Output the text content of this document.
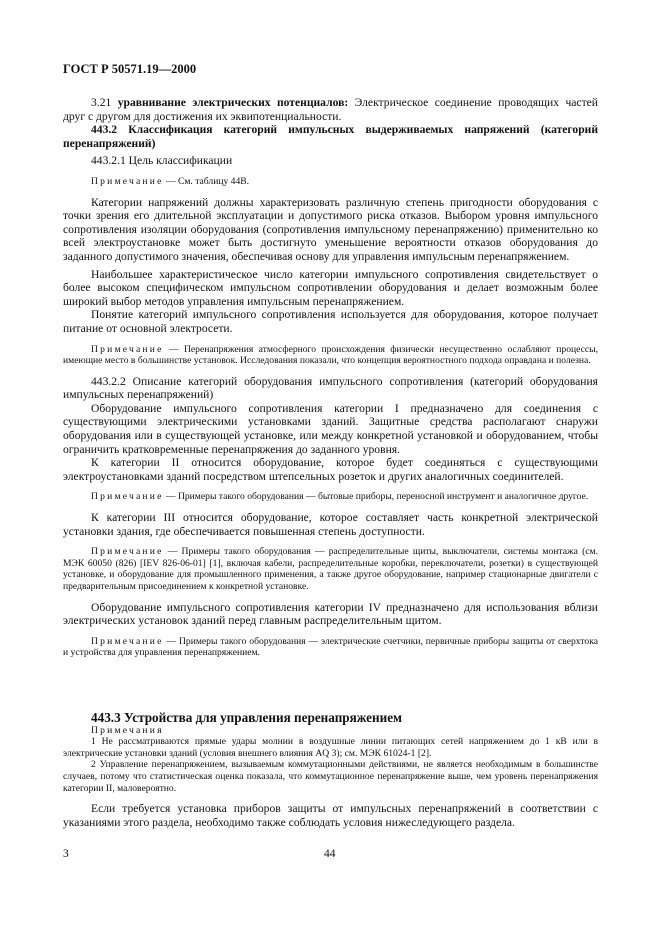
ГОСТ Р 50571.19—2000

3.21 уравнивание электрических потенциалов: Электрическое соединение проводящих частей друг с другом для достижения их эквипотенциальности.

443.2 Классификация категорий импульсных выдерживаемых напряжений (категорий перенапряжений)

443.2.1 Цель классификации

Примечание — См. таблицу 44В.

Категории напряжений должны характеризовать различную степень пригодности оборудования с точки зрения его длительной эксплуатации и допустимого риска отказов. Выбором уровня импульсного сопротивления изоляции оборудования (сопротивления импульсному перенапряжению) применительно ко всей электроустановке может быть достигнуто уменьшение вероятности отказов оборудования до заданного допустимого значения, обеспечивая основу для управления импульсным перенапряжением.

Наибольшее характеристическое число категории импульсного сопротивления свидетельствует о более высоком специфическом импульсном сопротивлении оборудования и делает возможным более широкий выбор методов управления импульсным перенапряжением.

Понятие категорий импульсного сопротивления используется для оборудования, которое получает питание от основной электросети.

Примечание — Перенапряжения атмосферного происхождения физически несущественно ослабляют процессы, имеющие место в большинстве установок. Исследования показали, что концепция вероятностного подхода оправдана и полезна.

443.2.2 Описание категорий оборудования импульсного сопротивления (категорий оборудования импульсных перенапряжений)

Оборудование импульсного сопротивления категории I предназначено для соединения с существующими электрическими установками зданий. Защитные средства располагают снаружи оборудования или в существующей установке, или между конкретной установкой и оборудованием, чтобы ограничить кратковременные перенапряжения до заданного уровня.

К категории II относится оборудование, которое будет соединяться с существующими электроустановками зданий посредством штепсельных розеток и других аналогичных соединителей.

Примечание — Примеры такого оборудования — бытовые приборы, переносной инструмент и аналогичное другое.

К категории III относится оборудование, которое составляет часть конкретной электрической установки здания, где обеспечивается повышенная степень доступности.

Примечание — Примеры такого оборудования — распределительные щиты, выключатели, системы монтажа (см. МЭК 60050 (826) [IEV 826-06-01] [1], включая кабели, распределительные коробки, переключатели, розетки) в существующей установке, и оборудование для промышленного применения, а также другое оборудование, например стационарные двигатели с предварительным присоединением к конкретной установке.

Оборудование импульсного сопротивления категории IV предназначено для использования вблизи электрических установок зданий перед главным распределительным щитом.

Примечание — Примеры такого оборудования — электрические счетчики, первичные приборы защиты от сверхтока и устройства для управления перенапряжением.

443.3 Устройства для управления перенапряжением

Примечания

1 Не рассматриваются прямые удары молнии в воздушные линии питающих сетей напряжением до 1 кВ или в электрические установки зданий (условия внешнего влияния AQ 3); см. МЭК 61024-1 [2].

2 Управление перенапряжением, вызываемым коммутационными действиями, не является необходимым в большинстве случаев, потому что статистическая оценка показала, что коммутационное перенапряжение выше, чем уровень перенапряжения категории II, маловероятно.

Если требуется установка приборов защиты от импульсных перенапряжений в соответствии с указаниями этого раздела, необходимо также соблюдать условия нижеследующего раздела.

3	44
